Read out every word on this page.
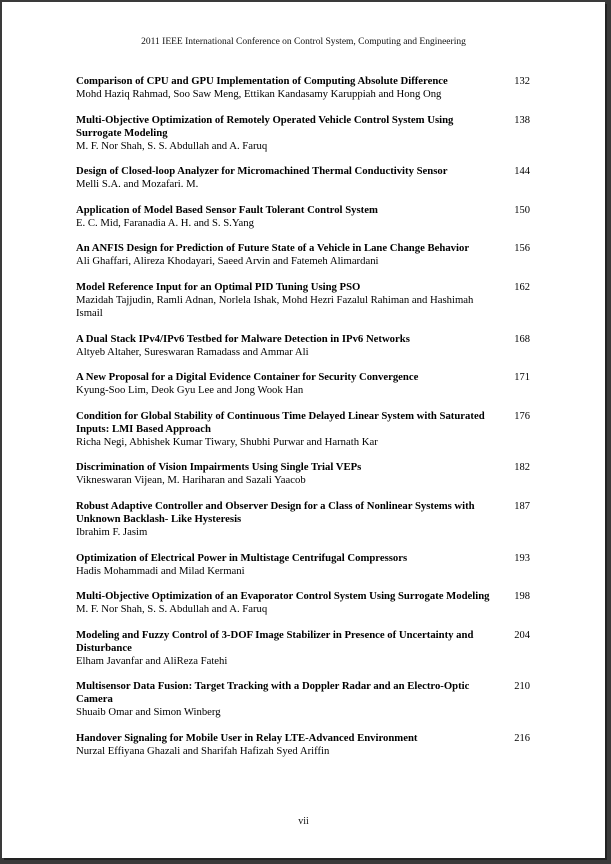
2011 IEEE International Conference on Control System, Computing and Engineering
Comparison of CPU and GPU Implementation of Computing Absolute Difference
Mohd Haziq Rahmad, Soo Saw Meng, Ettikan Kandasamy Karuppiah and Hong Ong
132
Multi-Objective Optimization of Remotely Operated Vehicle Control System Using Surrogate Modeling
M. F. Nor Shah, S. S. Abdullah and A. Faruq
138
Design of Closed-loop Analyzer for Micromachined Thermal Conductivity Sensor
Melli S.A. and Mozafari. M.
144
Application of Model Based Sensor Fault Tolerant Control System
E. C. Mid, Faranadia A. H. and S. S.Yang
150
An ANFIS Design for Prediction of Future State of a Vehicle in Lane Change Behavior
Ali Ghaffari, Alireza Khodayari, Saeed Arvin and Fatemeh Alimardani
156
Model Reference Input for an Optimal PID Tuning Using PSO
Mazidah Tajjudin, Ramli Adnan, Norlela Ishak, Mohd Hezri Fazalul Rahiman and Hashimah Ismail
162
A Dual Stack IPv4/IPv6 Testbed for Malware Detection in IPv6 Networks
Altyeb Altaher, Sureswaran Ramadass and Ammar Ali
168
A New Proposal for a Digital Evidence Container for Security Convergence
Kyung-Soo Lim, Deok Gyu Lee and Jong Wook Han
171
Condition for Global Stability of Continuous Time Delayed Linear System with Saturated Inputs: LMI Based Approach
Richa Negi, Abhishek Kumar Tiwary, Shubhi Purwar and Harnath Kar
176
Discrimination of Vision Impairments Using Single Trial VEPs
Vikneswaran Vijean, M. Hariharan and Sazali Yaacob
182
Robust Adaptive Controller and Observer Design for a Class of Nonlinear Systems with Unknown Backlash- Like Hysteresis
Ibrahim F. Jasim
187
Optimization of Electrical Power in Multistage Centrifugal Compressors
Hadis Mohammadi and Milad Kermani
193
Multi-Objective Optimization of an Evaporator Control System Using Surrogate Modeling
M. F. Nor Shah, S. S. Abdullah and A. Faruq
198
Modeling and Fuzzy Control of 3-DOF Image Stabilizer in Presence of Uncertainty and Disturbance
Elham Javanfar and AliReza Fatehi
204
Multisensor Data Fusion: Target Tracking with a Doppler Radar and an Electro-Optic Camera
Shuaib Omar and Simon Winberg
210
Handover Signaling for Mobile User in Relay LTE-Advanced Environment
Nurzal Effiyana Ghazali and Sharifah Hafizah Syed Ariffin
216
vii
